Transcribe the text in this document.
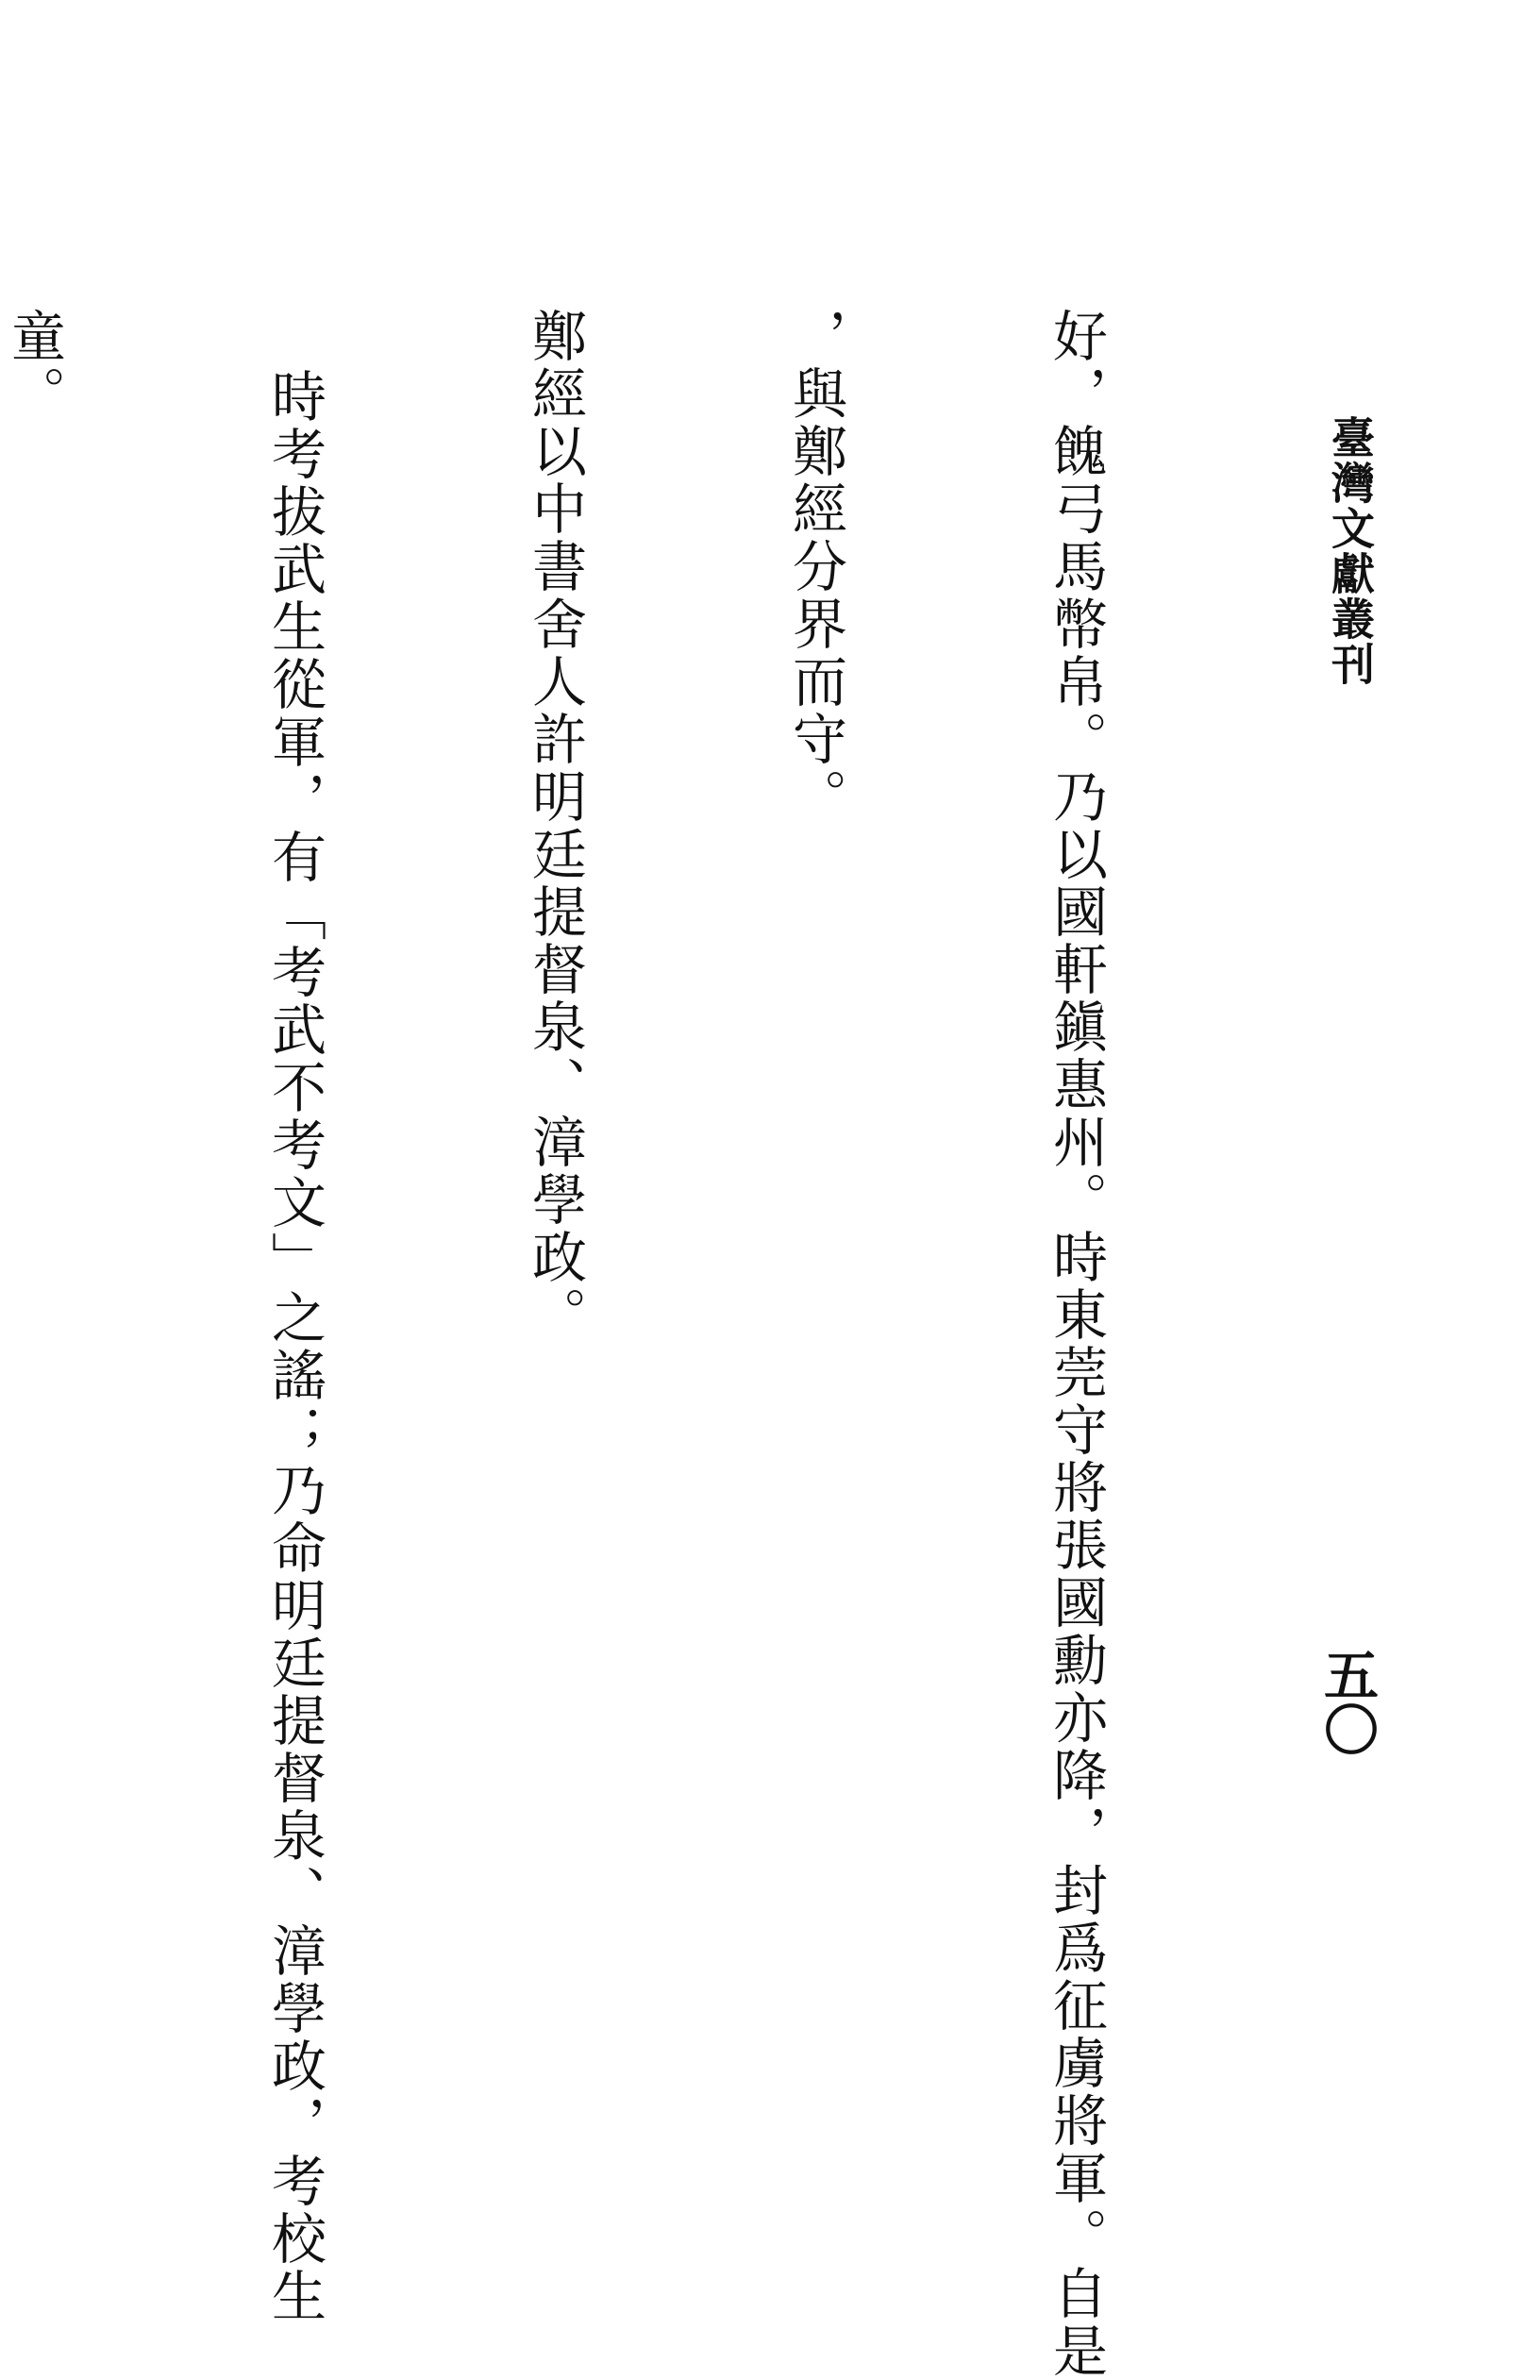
臺灣文獻叢刊
五〇

好，餽弓馬幣帛。乃以國軒鎭惠州。時東莞守將張國勳亦降，封爲征虜將軍。自是

，與鄭經分界而守。

鄭經以中書舍人許明廷提督泉、漳學政。

時考拔武生從軍，有「考武不考文」之謠；乃命明廷提督泉、漳學政，考校生

童。
